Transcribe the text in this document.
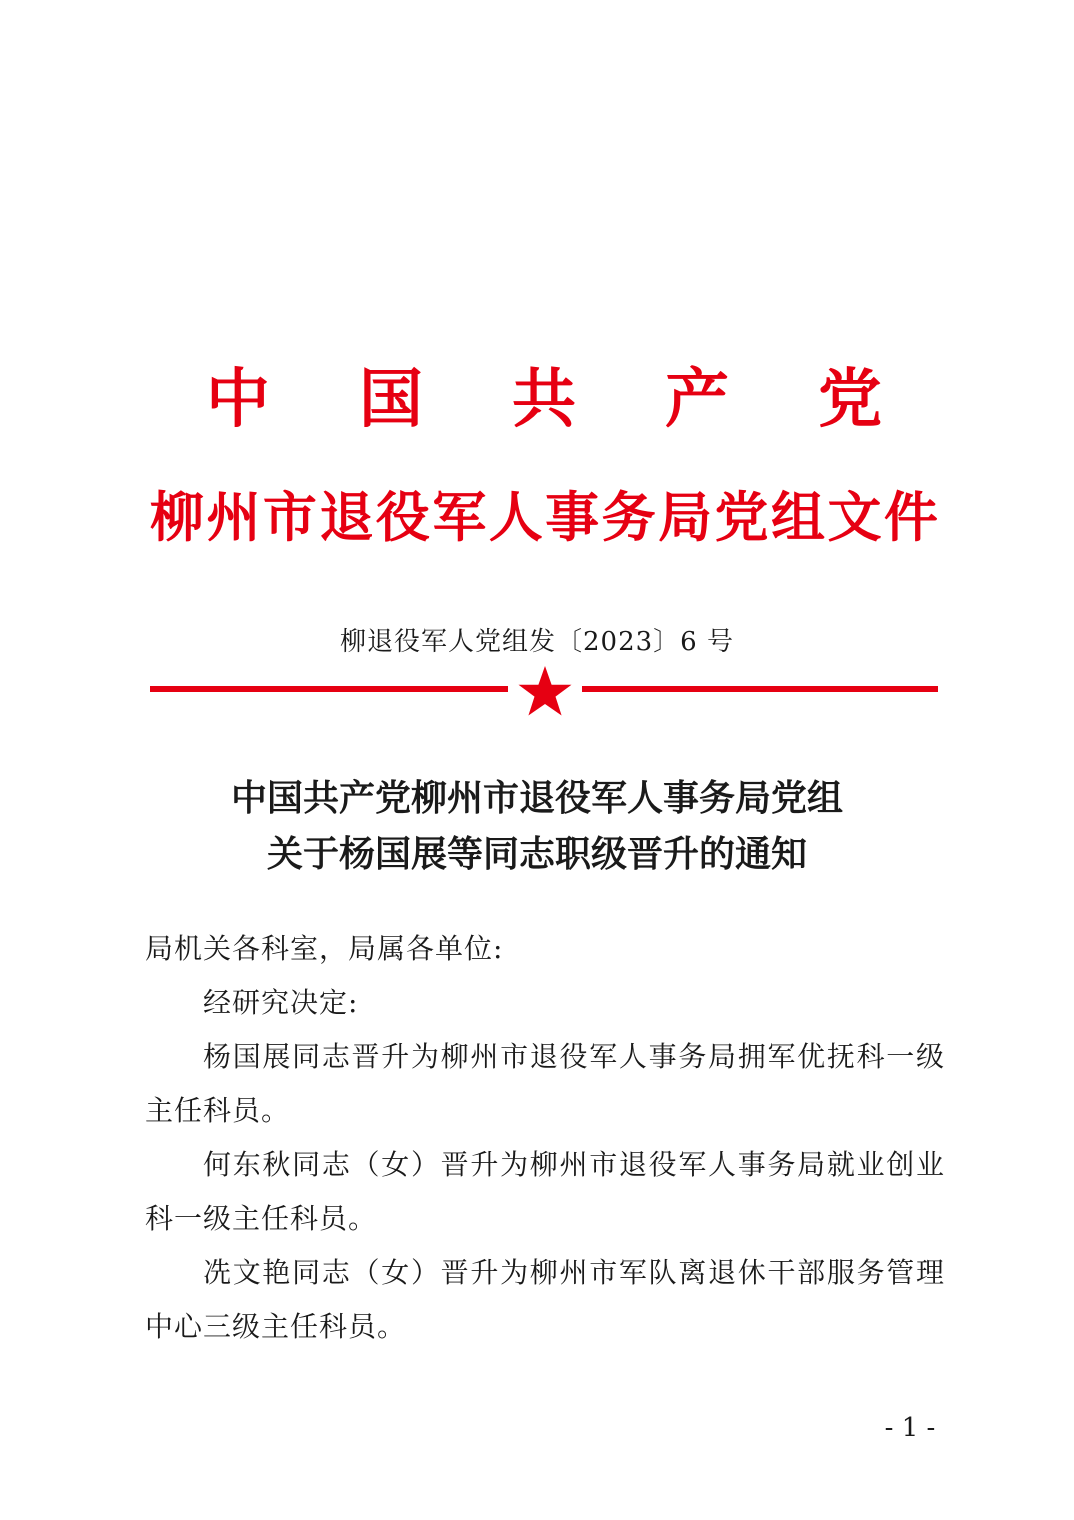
中 国 共 产 党
柳 州 市 退 役 军 人 事 务 局 党 组 文 件
柳退役军人党组发〔2023〕6 号
中国共产党柳州市退役军人事务局党组
关于杨国展等同志职级晋升的通知

局机关各科室，局属各单位:

经研究决定:

杨国展同志晋升为柳州市退役军人事务局拥军优抚科一级主任科员。

何东秋同志（女）晋升为柳州市退役军人事务局就业创业科一级主任科员。

冼文艳同志（女）晋升为柳州市军队离退休干部服务管理中心三级主任科员。

- 1 -
